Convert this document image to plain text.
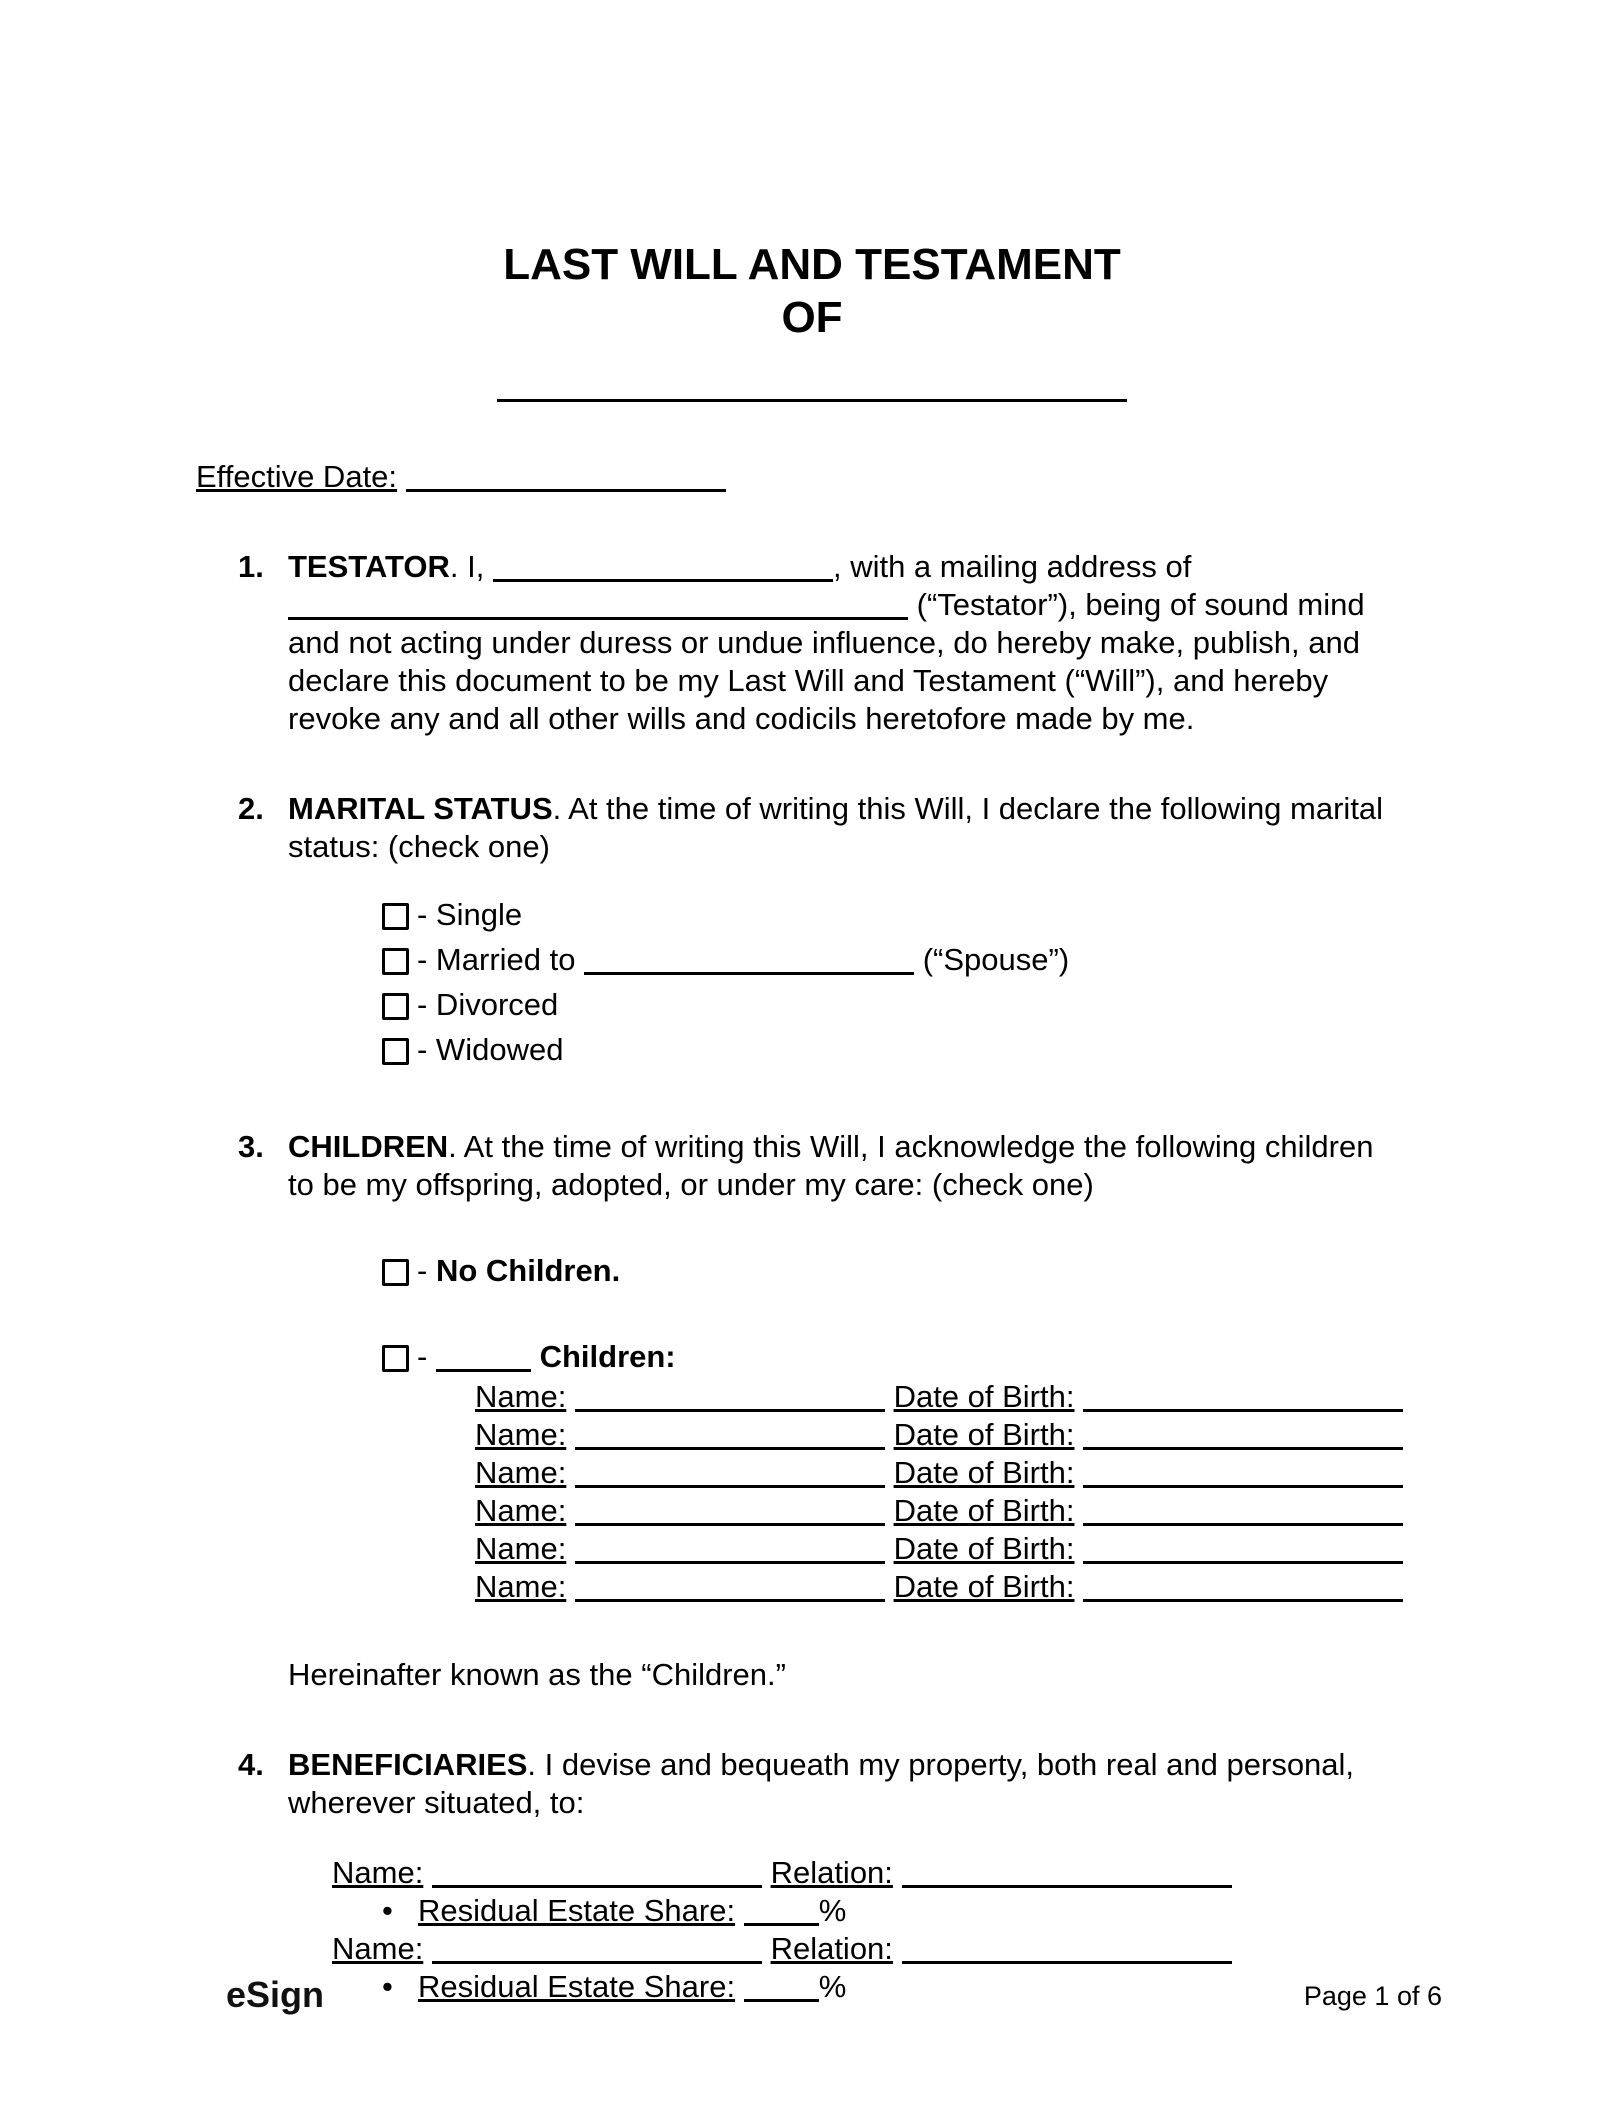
LAST WILL AND TESTAMENT
OF
Effective Date:
1. TESTATOR. I,	, with a mailing address of  (“Testator”), being of sound mind and not acting under duress or undue influence, do hereby make, publish, and declare this document to be my Last Will and Testament (“Will”), and hereby revoke any and all other wills and codicils heretofore made by me.
2. MARITAL STATUS. At the time of writing this Will, I declare the following marital status: (check one)
- Single
- Married to	(“Spouse”)
- Divorced
- Widowed
3. CHILDREN. At the time of writing this Will, I acknowledge the following children to be my offspring, adopted, or under my care: (check one)
- No Children.
-	Children:
Name:	Date of Birth:
Name:	Date of Birth:
Name:	Date of Birth:
Name:	Date of Birth:
Name:	Date of Birth:
Name:	Date of Birth:
Hereinafter known as the “Children.”
4. BENEFICIARIES. I devise and bequeath my property, both real and personal, wherever situated, to:
Name:	Relation:
• Residual Estate Share:	%
Name:	Relation:
• Residual Estate Share:	%
eSign	Page 1 of 6
